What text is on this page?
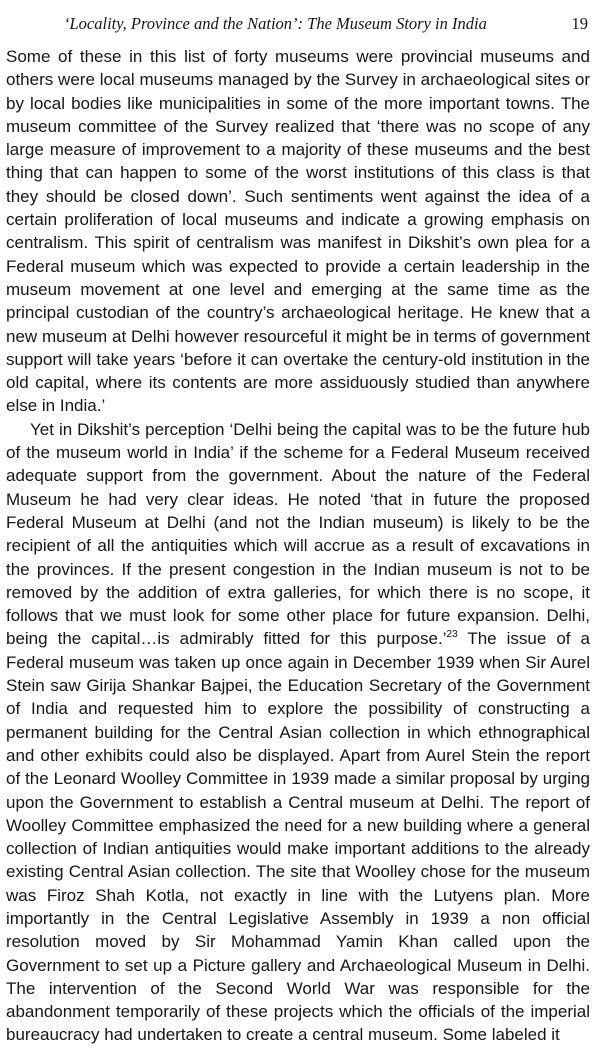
‘Locality, Province and the Nation’: The Museum Story in India	19

Some of these in this list of forty museums were provincial museums and others were local museums managed by the Survey in archaeological sites or by local bodies like municipalities in some of the more important towns. The museum committee of the Survey realized that ‘there was no scope of any large measure of improvement to a majority of these museums and the best thing that can happen to some of the worst institutions of this class is that they should be closed down’. Such sentiments went against the idea of a certain proliferation of local museums and indicate a growing emphasis on centralism. This spirit of centralism was manifest in Dikshit’s own plea for a Federal museum which was expected to provide a certain leadership in the museum movement at one level and emerging at the same time as the principal custodian of the country’s archaeological heritage. He knew that a new museum at Delhi however resourceful it might be in terms of government support will take years ‘before it can overtake the century-old institution in the old capital, where its contents are more assiduously studied than anywhere else in India.’

Yet in Dikshit’s perception ‘Delhi being the capital was to be the future hub of the museum world in India’ if the scheme for a Federal Museum received adequate support from the government. About the nature of the Federal Museum he had very clear ideas. He noted ‘that in future the proposed Federal Museum at Delhi (and not the Indian museum) is likely to be the recipient of all the antiquities which will accrue as a result of excavations in the provinces. If the present congestion in the Indian museum is not to be removed by the addition of extra galleries, for which there is no scope, it follows that we must look for some other place for future expansion. Delhi, being the capital…is admirably fitted for this purpose.’$^{23}$ The issue of a Federal museum was taken up once again in December 1939 when Sir Aurel Stein saw Girija Shankar Bajpei, the Education Secretary of the Government of India and requested him to explore the possibility of constructing a permanent building for the Central Asian collection in which ethnographical and other exhibits could also be displayed. Apart from Aurel Stein the report of the Leonard Woolley Committee in 1939 made a similar proposal by urging upon the Government to establish a Central museum at Delhi. The report of Woolley Committee emphasized the need for a new building where a general collection of Indian antiquities would make important additions to the already existing Central Asian collection. The site that Woolley chose for the museum was Firoz Shah Kotla, not exactly in line with the Lutyens plan. More importantly in the Central Legislative Assembly in 1939 a non official resolution moved by Sir Mohammad Yamin Khan called upon the Government to set up a Picture gallery and Archaeological Museum in Delhi. The intervention of the Second World War was responsible for the abandonment temporarily of these projects which the officials of the imperial bureaucracy had undertaken to create a central museum. Some labeled it
